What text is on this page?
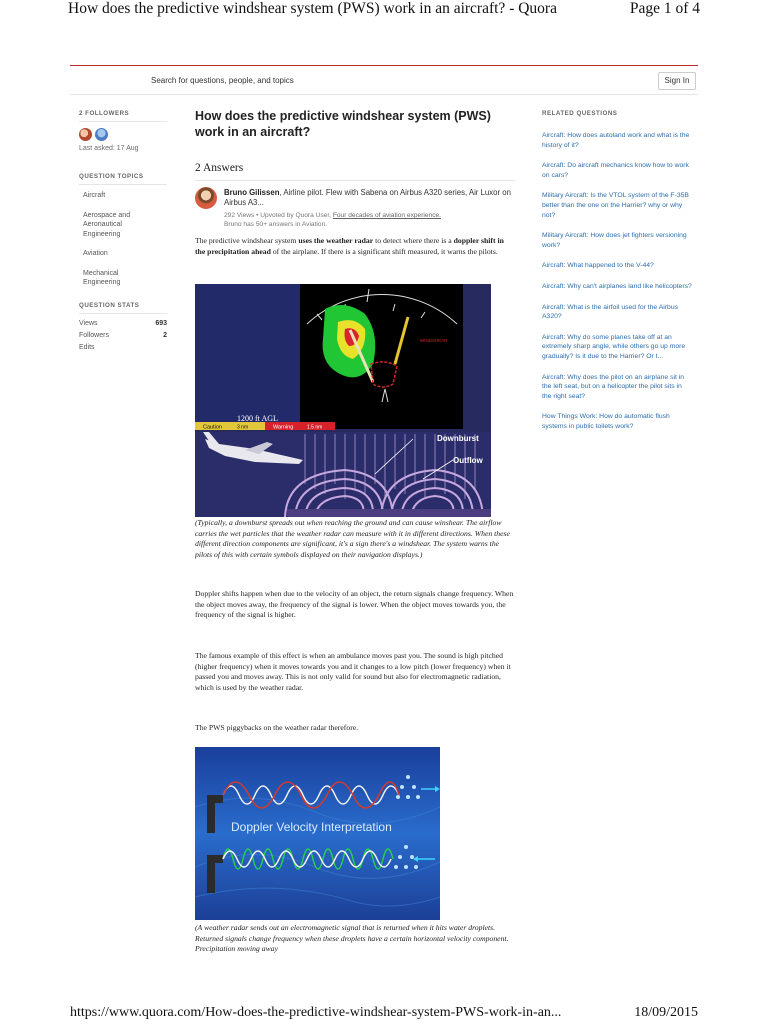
How does the predictive windshear system (PWS) work in an aircraft? - Quora	Page 1 of 4
Search for questions, people, and topics	Sign In
2 FOLLOWERS
Last asked: 17 Aug
QUESTION TOPICS
Aircraft
Aerospace and Aeronautical Engineering
Aviation
Mechanical Engineering
QUESTION STATS
Views	693
Followers	2
Edits
How does the predictive windshear system (PWS) work in an aircraft?
2 Answers
Bruno Gilissen, Airline pilot. Flew with Sabena on Airbus A320 series, Air Luxor on Airbus A3...
292 Views • Upvoted by Quora User, Four decades of aviation experience.
Bruno has 50+ answers in Aviation.
The predictive windshear system uses the weather radar to detect where there is a doppler shift in the precipitation ahead of the airplane. If there is a significant shift measured, it warns the pilots.
WINDSHEAR
1200 ft AGL
Caution	3 nm	Warning	1.5 nm
Downburst
Outflow
(Typically, a downburst spreads out when reaching the ground and can cause winshear. The airflow carries the wet particles that the weather radar can measure with it in different directions. When these different direction components are significant, it's a sign there's a windshear. The system warns the pilots of this with certain symbols displayed on their navigation displays.)
Doppler shifts happen when due to the velocity of an object, the return signals change frequency. When the object moves away, the frequency of the signal is lower. When the object moves towards you, the frequency of the signal is higher.
The famous example of this effect is when an ambulance moves past you. The sound is high pitched (higher frequency) when it moves towards you and it changes to a low pitch (lower frequency) when it passed you and moves away. This is not only valid for sound but also for electromagnetic radiation, which is used by the weather radar.
The PWS piggybacks on the weather radar therefore.
Doppler Velocity Interpretation
(A weather radar sends out an electromagnetic signal that is returned when it hits water droplets. Returned signals change frequency when these droplets have a certain horizontal velocity component. Precipitation moving away
RELATED QUESTIONS
Aircraft: How does autoland work and what is the history of it?
Aircraft: Do aircraft mechanics know how to work on cars?
Military Aircraft: Is the VTOL system of the F-35B better than the one on the Harrier? why or why not?
Military Aircraft: How does jet fighters versioning work?
Aircraft: What happened to the V-44?
Aircraft: Why can't airplanes land like helicopters?
Aircraft: What is the airfoil used for the Airbus A320?
Aircraft: Why do some planes take off at an extremely sharp angle, while others go up more gradually? Is it due to the Harrier? Or t...
Aircraft: Why does the pilot on an airplane sit in the left seat, but on a helicopter the pilot sits in the right seat?
How Things Work: How do automatic flush systems in public toilets work?
https://www.quora.com/How-does-the-predictive-windshear-system-PWS-work-in-an...	18/09/2015
